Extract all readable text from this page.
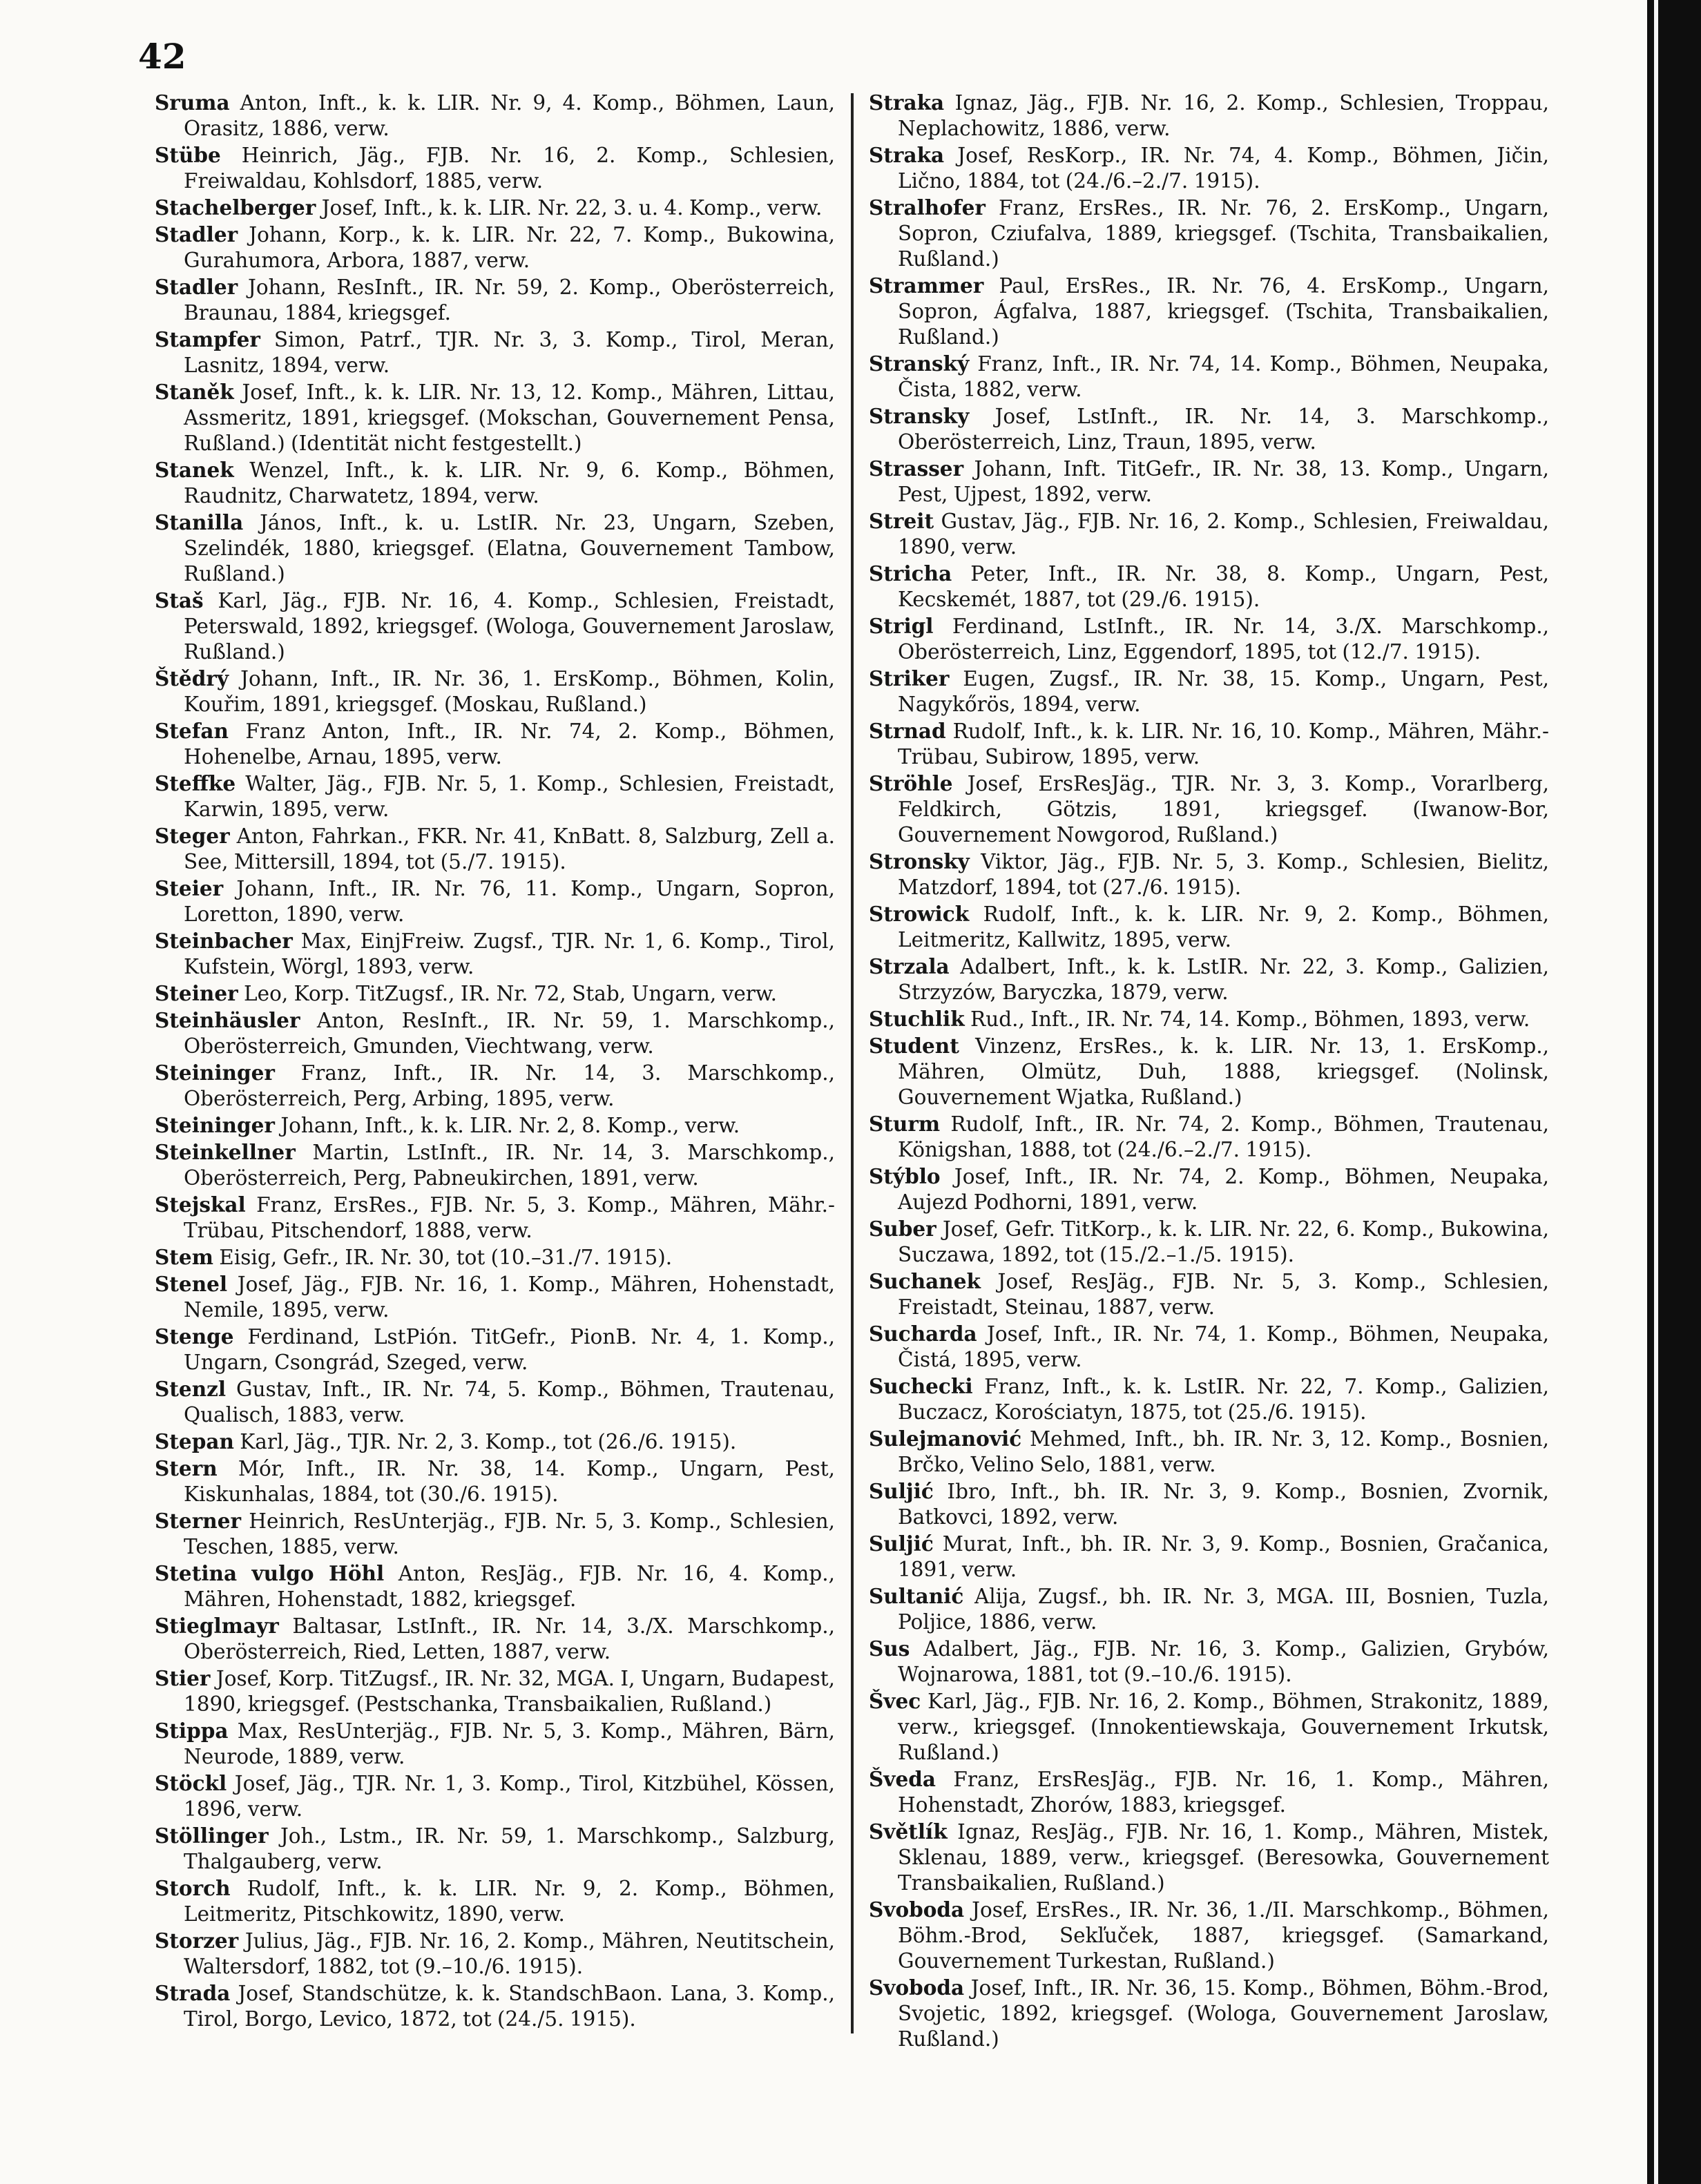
42

Sruma Anton, Inft., k. k. LIR. Nr. 9, 4. Komp., Böhmen, Laun, Orasitz, 1886, verw.

Stübe Heinrich, Jäg., FJB. Nr. 16, 2. Komp., Schlesien, Freiwaldau, Kohlsdorf, 1885, verw.

Stachelberger Josef, Inft., k. k. LIR. Nr. 22, 3. u. 4. Komp., verw.

Stadler Johann, Korp., k. k. LIR. Nr. 22, 7. Komp., Bukowina, Gurahumora, Arbora, 1887, verw.

Stadler Johann, ResInft., IR. Nr. 59, 2. Komp., Oberösterreich, Braunau, 1884, kriegsgef.

Stampfer Simon, Patrf., TJR. Nr. 3, 3. Komp., Tirol, Meran, Lasnitz, 1894, verw.

Staněk Josef, Inft., k. k. LIR. Nr. 13, 12. Komp., Mähren, Littau, Assmeritz, 1891, kriegsgef. (Mokschan, Gouvernement Pensa, Rußland.) (Identität nicht festgestellt.)

Stanek Wenzel, Inft., k. k. LIR. Nr. 9, 6. Komp., Böhmen, Raudnitz, Charwatetz, 1894, verw.

Stanilla János, Inft., k. u. LstIR. Nr. 23, Ungarn, Szeben, Szelindék, 1880, kriegsgef. (Elatna, Gouvernement Tambow, Rußland.)

Staš Karl, Jäg., FJB. Nr. 16, 4. Komp., Schlesien, Freistadt, Peterswald, 1892, kriegsgef. (Wologa, Gouvernement Jaroslaw, Rußland.)

Štědrý Johann, Inft., IR. Nr. 36, 1. ErsKomp., Böhmen, Kolin, Kouřim, 1891, kriegsgef. (Moskau, Rußland.)

Stefan Franz Anton, Inft., IR. Nr. 74, 2. Komp., Böhmen, Hohenelbe, Arnau, 1895, verw.

Steffke Walter, Jäg., FJB. Nr. 5, 1. Komp., Schlesien, Freistadt, Karwin, 1895, verw.

Steger Anton, Fahrkan., FKR. Nr. 41, KnBatt. 8, Salzburg, Zell a. See, Mittersill, 1894, tot (5./7. 1915).

Steier Johann, Inft., IR. Nr. 76, 11. Komp., Ungarn, Sopron, Loretton, 1890, verw.

Steinbacher Max, EinjFreiw. Zugsf., TJR. Nr. 1, 6. Komp., Tirol, Kufstein, Wörgl, 1893, verw.

Steiner Leo, Korp. TitZugsf., IR. Nr. 72, Stab, Ungarn, verw.

Steinhäusler Anton, ResInft., IR. Nr. 59, 1. Marschkomp., Oberösterreich, Gmunden, Viechtwang, verw.

Steininger Franz, Inft., IR. Nr. 14, 3. Marschkomp., Oberösterreich, Perg, Arbing, 1895, verw.

Steininger Johann, Inft., k. k. LIR. Nr. 2, 8. Komp., verw.

Steinkellner Martin, LstInft., IR. Nr. 14, 3. Marschkomp., Oberösterreich, Perg, Pabneukirchen, 1891, verw.

Stejskal Franz, ErsRes., FJB. Nr. 5, 3. Komp., Mähren, Mähr.-Trübau, Pitschendorf, 1888, verw.

Stem Eisig, Gefr., IR. Nr. 30, tot (10.–31./7. 1915).

Stenel Josef, Jäg., FJB. Nr. 16, 1. Komp., Mähren, Hohenstadt, Nemile, 1895, verw.

Stenge Ferdinand, LstPión. TitGefr., PionB. Nr. 4, 1. Komp., Ungarn, Csongrád, Szeged, verw.

Stenzl Gustav, Inft., IR. Nr. 74, 5. Komp., Böhmen, Trautenau, Qualisch, 1883, verw.

Stepan Karl, Jäg., TJR. Nr. 2, 3. Komp., tot (26./6. 1915).

Stern Mór, Inft., IR. Nr. 38, 14. Komp., Ungarn, Pest, Kiskunhalas, 1884, tot (30./6. 1915).

Sterner Heinrich, ResUnterjäg., FJB. Nr. 5, 3. Komp., Schlesien, Teschen, 1885, verw.

Stetina vulgo Höhl Anton, ResJäg., FJB. Nr. 16, 4. Komp., Mähren, Hohenstadt, 1882, kriegsgef.

Stieglmayr Baltasar, LstInft., IR. Nr. 14, 3./X. Marschkomp., Oberösterreich, Ried, Letten, 1887, verw.

Stier Josef, Korp. TitZugsf., IR. Nr. 32, MGA. I, Ungarn, Budapest, 1890, kriegsgef. (Pestschanka, Transbaikalien, Rußland.)

Stippa Max, ResUnterjäg., FJB. Nr. 5, 3. Komp., Mähren, Bärn, Neurode, 1889, verw.

Stöckl Josef, Jäg., TJR. Nr. 1, 3. Komp., Tirol, Kitzbühel, Kössen, 1896, verw.

Stöllinger Joh., Lstm., IR. Nr. 59, 1. Marschkomp., Salzburg, Thalgauberg, verw.

Storch Rudolf, Inft., k. k. LIR. Nr. 9, 2. Komp., Böhmen, Leitmeritz, Pitschkowitz, 1890, verw.

Storzer Julius, Jäg., FJB. Nr. 16, 2. Komp., Mähren, Neutitschein, Waltersdorf, 1882, tot (9.–10./6. 1915).

Strada Josef, Standschütze, k. k. StandschBaon. Lana, 3. Komp., Tirol, Borgo, Levico, 1872, tot (24./5. 1915).

Straka Ignaz, Jäg., FJB. Nr. 16, 2. Komp., Schlesien, Troppau, Neplachowitz, 1886, verw.

Straka Josef, ResKorp., IR. Nr. 74, 4. Komp., Böhmen, Jičin, Lično, 1884, tot (24./6.–2./7. 1915).

Stralhofer Franz, ErsRes., IR. Nr. 76, 2. ErsKomp., Ungarn, Sopron, Cziufalva, 1889, kriegsgef. (Tschita, Transbaikalien, Rußland.)

Strammer Paul, ErsRes., IR. Nr. 76, 4. ErsKomp., Ungarn, Sopron, Ágfalva, 1887, kriegsgef. (Tschita, Transbaikalien, Rußland.)

Stranský Franz, Inft., IR. Nr. 74, 14. Komp., Böhmen, Neupaka, Čista, 1882, verw.

Stransky Josef, LstInft., IR. Nr. 14, 3. Marschkomp., Oberösterreich, Linz, Traun, 1895, verw.

Strasser Johann, Inft. TitGefr., IR. Nr. 38, 13. Komp., Ungarn, Pest, Ujpest, 1892, verw.

Streit Gustav, Jäg., FJB. Nr. 16, 2. Komp., Schlesien, Freiwaldau, 1890, verw.

Stricha Peter, Inft., IR. Nr. 38, 8. Komp., Ungarn, Pest, Kecskemét, 1887, tot (29./6. 1915).

Strigl Ferdinand, LstInft., IR. Nr. 14, 3./X. Marschkomp., Oberösterreich, Linz, Eggendorf, 1895, tot (12./7. 1915).

Striker Eugen, Zugsf., IR. Nr. 38, 15. Komp., Ungarn, Pest, Nagykőrös, 1894, verw.

Strnad Rudolf, Inft., k. k. LIR. Nr. 16, 10. Komp., Mähren, Mähr.-Trübau, Subirow, 1895, verw.

Ströhle Josef, ErsResJäg., TJR. Nr. 3, 3. Komp., Vorarlberg, Feldkirch, Götzis, 1891, kriegsgef. (Iwanow-Bor, Gouvernement Nowgorod, Rußland.)

Stronsky Viktor, Jäg., FJB. Nr. 5, 3. Komp., Schlesien, Bielitz, Matzdorf, 1894, tot (27./6. 1915).

Strowick Rudolf, Inft., k. k. LIR. Nr. 9, 2. Komp., Böhmen, Leitmeritz, Kallwitz, 1895, verw.

Strzala Adalbert, Inft., k. k. LstIR. Nr. 22, 3. Komp., Galizien, Strzyzów, Baryczka, 1879, verw.

Stuchlik Rud., Inft., IR. Nr. 74, 14. Komp., Böhmen, 1893, verw.

Student Vinzenz, ErsRes., k. k. LIR. Nr. 13, 1. ErsKomp., Mähren, Olmütz, Duh, 1888, kriegsgef. (Nolinsk, Gouvernement Wjatka, Rußland.)

Sturm Rudolf, Inft., IR. Nr. 74, 2. Komp., Böhmen, Trautenau, Königshan, 1888, tot (24./6.–2./7. 1915).

Stýblo Josef, Inft., IR. Nr. 74, 2. Komp., Böhmen, Neupaka, Aujezd Podhorni, 1891, verw.

Suber Josef, Gefr. TitKorp., k. k. LIR. Nr. 22, 6. Komp., Bukowina, Suczawa, 1892, tot (15./2.–1./5. 1915).

Suchanek Josef, ResJäg., FJB. Nr. 5, 3. Komp., Schlesien, Freistadt, Steinau, 1887, verw.

Sucharda Josef, Inft., IR. Nr. 74, 1. Komp., Böhmen, Neupaka, Čistá, 1895, verw.

Suchecki Franz, Inft., k. k. LstIR. Nr. 22, 7. Komp., Galizien, Buczacz, Korościatyn, 1875, tot (25./6. 1915).

Sulejmanović Mehmed, Inft., bh. IR. Nr. 3, 12. Komp., Bosnien, Brčko, Velino Selo, 1881, verw.

Suljić Ibro, Inft., bh. IR. Nr. 3, 9. Komp., Bosnien, Zvornik, Batkovci, 1892, verw.

Suljić Murat, Inft., bh. IR. Nr. 3, 9. Komp., Bosnien, Gračanica, 1891, verw.

Sultanić Alija, Zugsf., bh. IR. Nr. 3, MGA. III, Bosnien, Tuzla, Poljice, 1886, verw.

Sus Adalbert, Jäg., FJB. Nr. 16, 3. Komp., Galizien, Grybów, Wojnarowa, 1881, tot (9.–10./6. 1915).

Švec Karl, Jäg., FJB. Nr. 16, 2. Komp., Böhmen, Strakonitz, 1889, verw., kriegsgef. (Innokentiewskaja, Gouvernement Irkutsk, Rußland.)

Šveda Franz, ErsResJäg., FJB. Nr. 16, 1. Komp., Mähren, Hohenstadt, Zhorów, 1883, kriegsgef.

Světlík Ignaz, ResJäg., FJB. Nr. 16, 1. Komp., Mähren, Mistek, Sklenau, 1889, verw., kriegsgef. (Beresowka, Gouvernement Transbaikalien, Rußland.)

Svoboda Josef, ErsRes., IR. Nr. 36, 1./II. Marschkomp., Böhmen, Böhm.-Brod, Sekľuček, 1887, kriegsgef. (Samarkand, Gouvernement Turkestan, Rußland.)

Svoboda Josef, Inft., IR. Nr. 36, 15. Komp., Böhmen, Böhm.-Brod, Svojetic, 1892, kriegsgef. (Wologa, Gouvernement Jaroslaw, Rußland.)
